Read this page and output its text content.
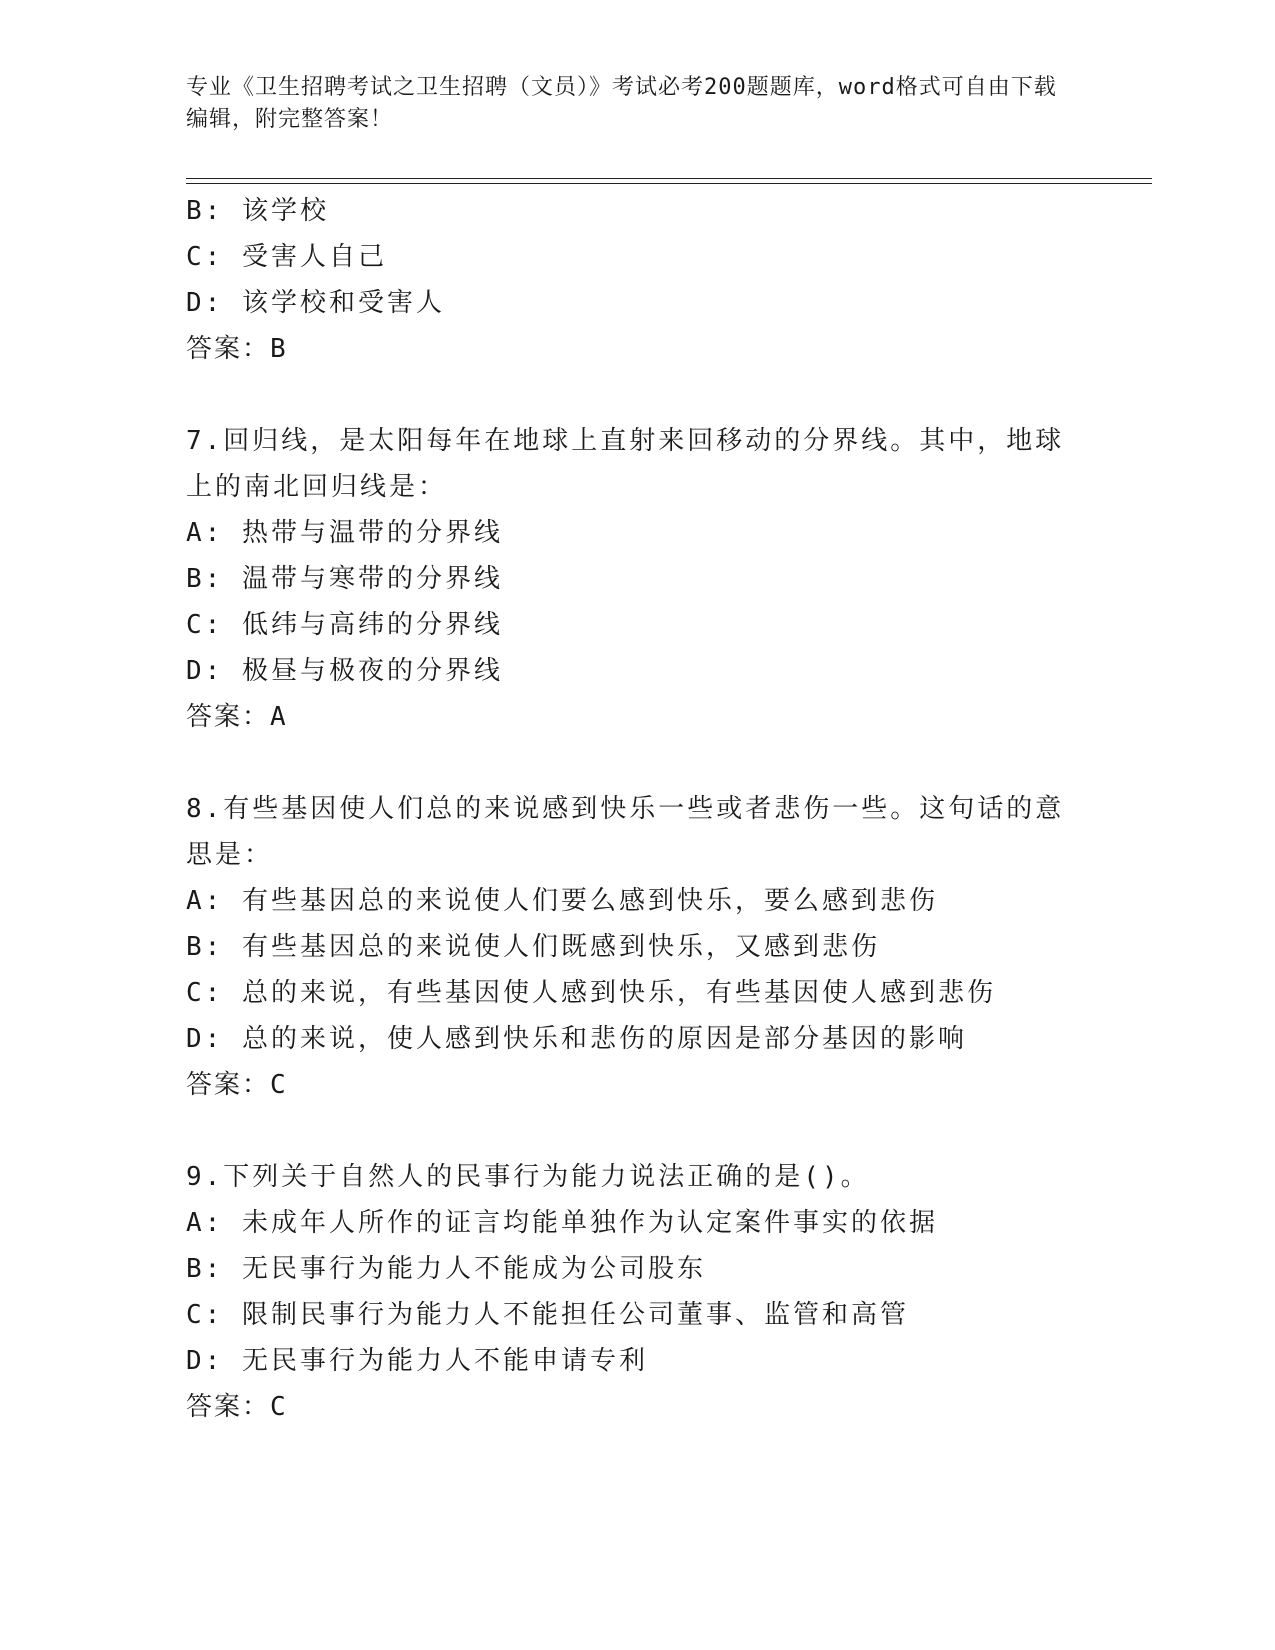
专业《卫生招聘考试之卫生招聘（文员）》考试必考200题题库，word格式可自由下载编辑，附完整答案！
B: 该学校
C: 受害人自己
D: 该学校和受害人
答案：B
7.回归线，是太阳每年在地球上直射来回移动的分界线。其中，地球上的南北回归线是：
A: 热带与温带的分界线
B: 温带与寒带的分界线
C: 低纬与高纬的分界线
D: 极昼与极夜的分界线
答案：A
8.有些基因使人们总的来说感到快乐一些或者悲伤一些。这句话的意思是：
A: 有些基因总的来说使人们要么感到快乐，要么感到悲伤
B: 有些基因总的来说使人们既感到快乐，又感到悲伤
C: 总的来说，有些基因使人感到快乐，有些基因使人感到悲伤
D: 总的来说，使人感到快乐和悲伤的原因是部分基因的影响
答案：C
9.下列关于自然人的民事行为能力说法正确的是()。
A: 未成年人所作的证言均能单独作为认定案件事实的依据
B: 无民事行为能力人不能成为公司股东
C: 限制民事行为能力人不能担任公司董事、监管和高管
D: 无民事行为能力人不能申请专利
答案：C
